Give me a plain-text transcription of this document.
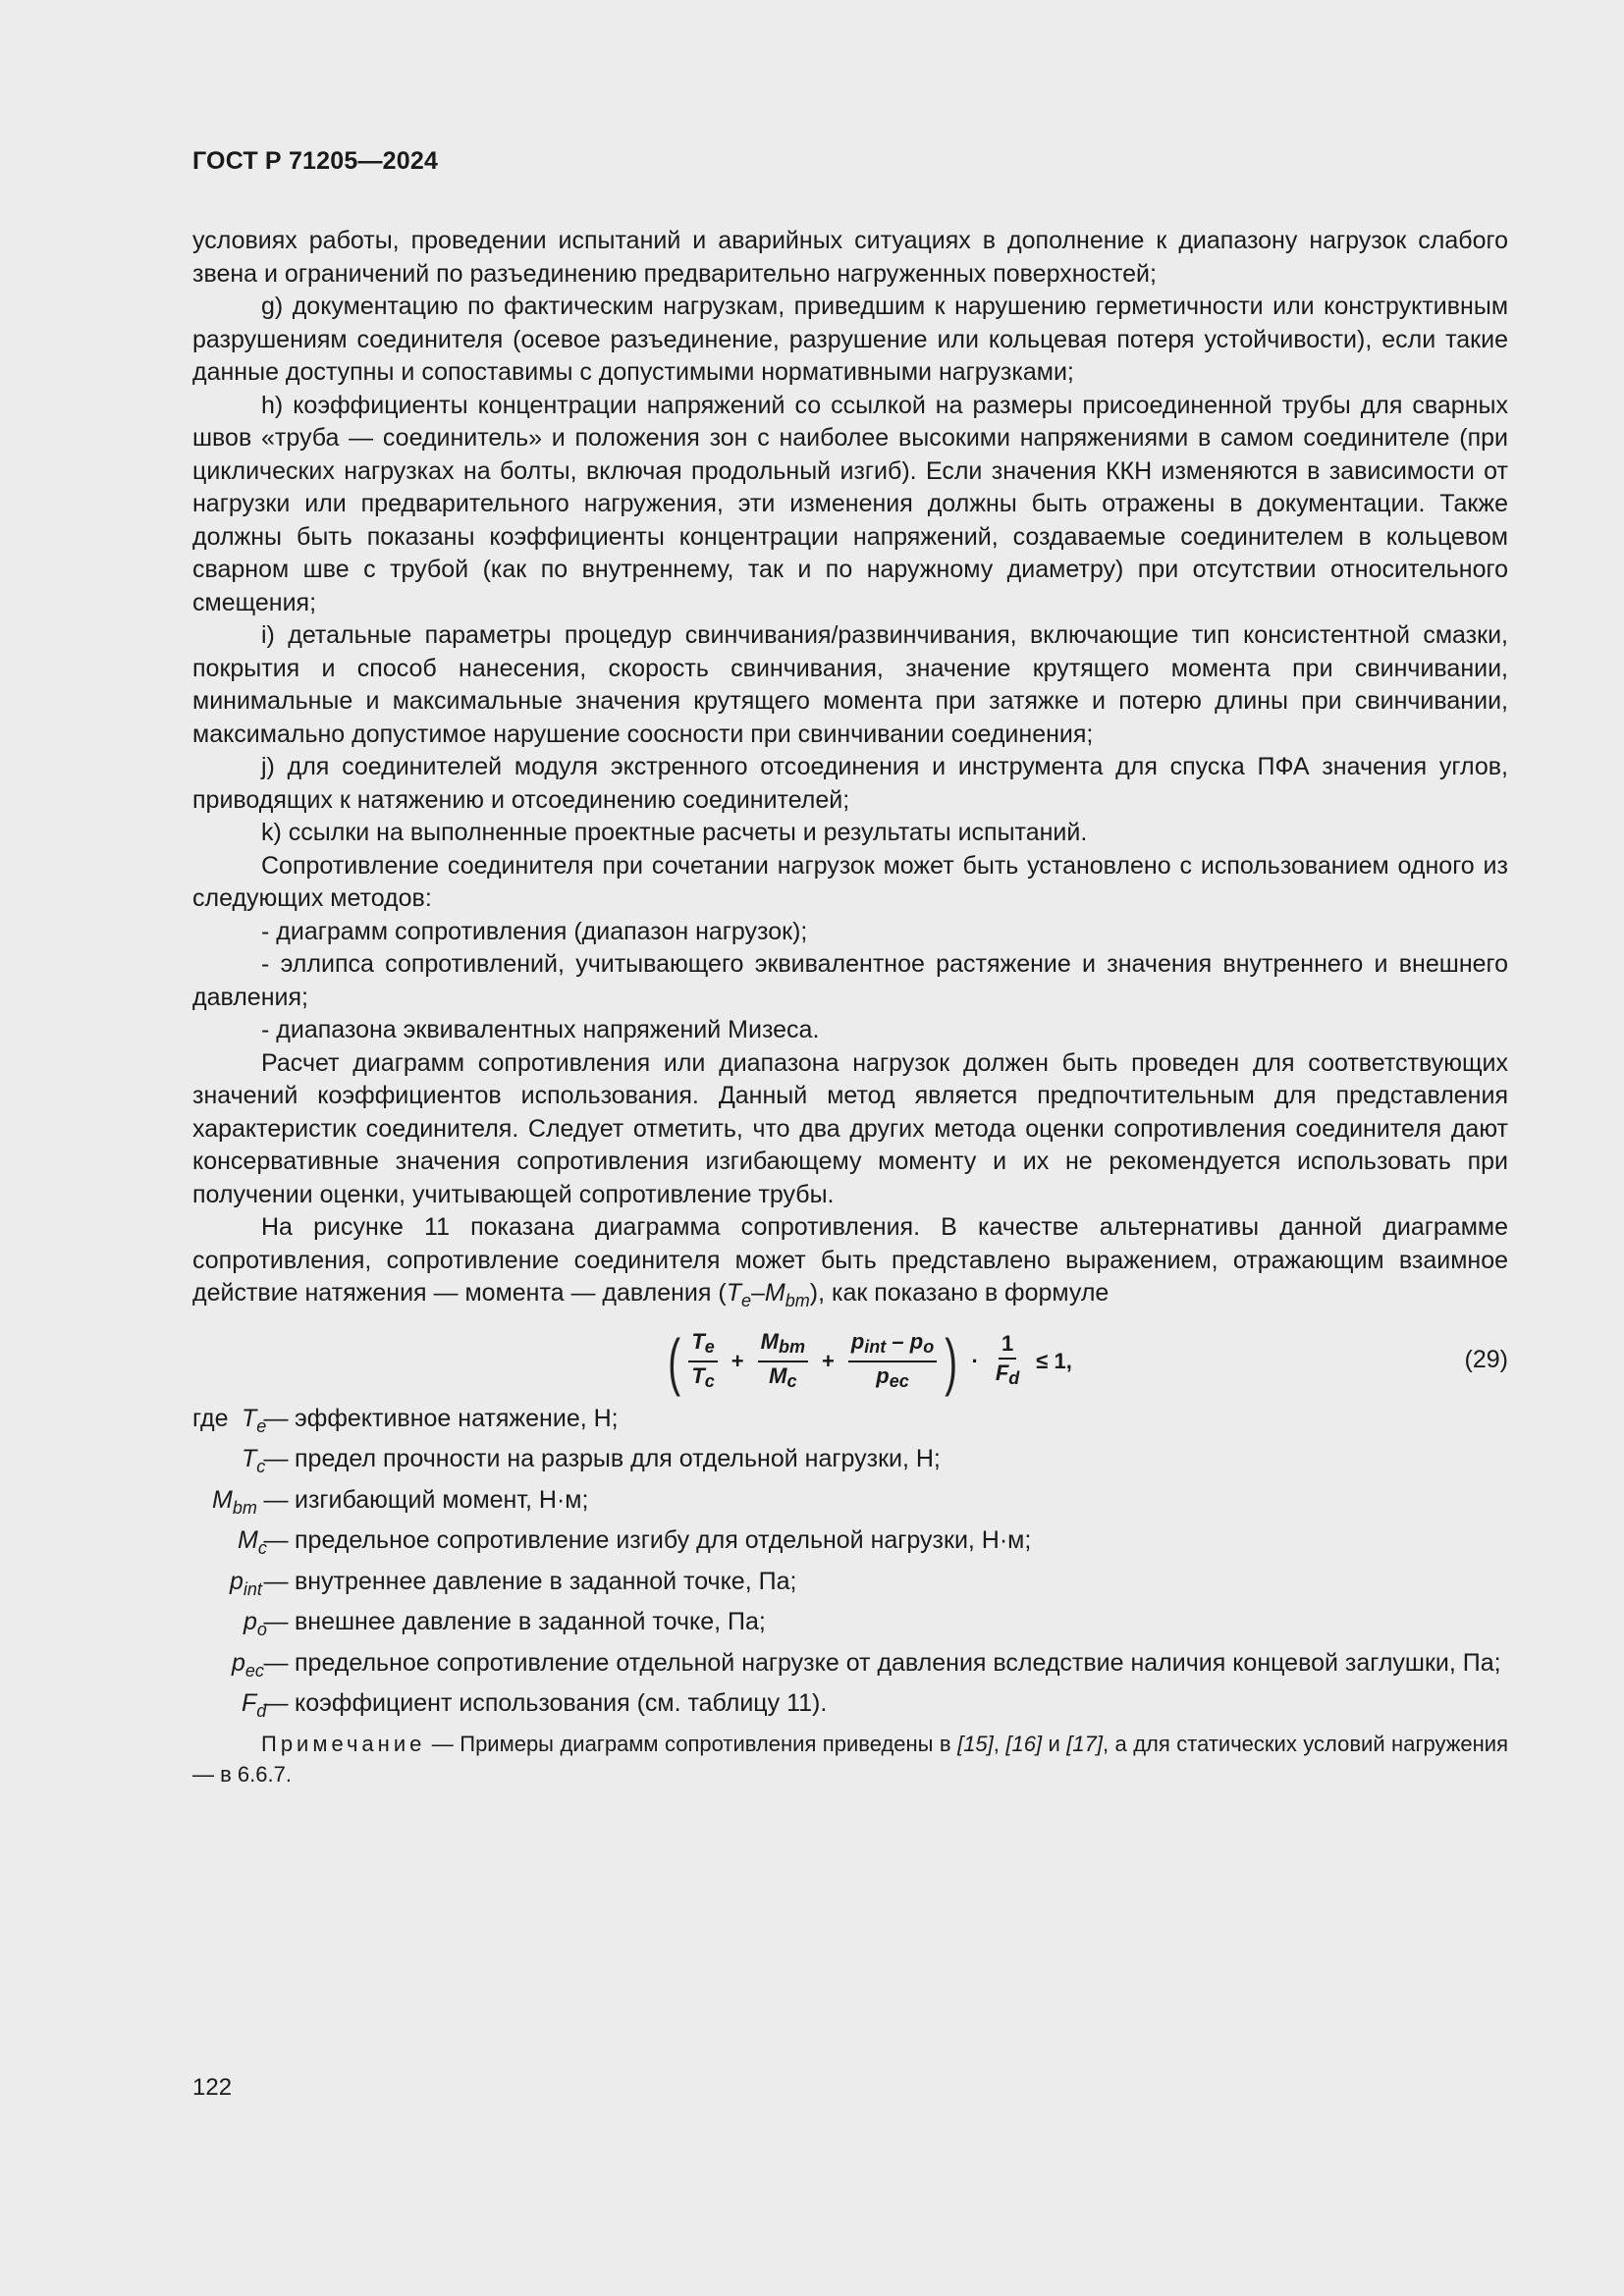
ГОСТ Р 71205—2024

условиях работы, проведении испытаний и аварийных ситуациях в дополнение к диапазону нагрузок слабого звена и ограничений по разъединению предварительно нагруженных поверхностей;

g) документацию по фактическим нагрузкам, приведшим к нарушению герметичности или конструктивным разрушениям соединителя (осевое разъединение, разрушение или кольцевая потеря устойчивости), если такие данные доступны и сопоставимы с допустимыми нормативными нагрузками;

h) коэффициенты концентрации напряжений со ссылкой на размеры присоединенной трубы для сварных швов «труба — соединитель» и положения зон с наиболее высокими напряжениями в самом соединителе (при циклических нагрузках на болты, включая продольный изгиб). Если значения ККН изменяются в зависимости от нагрузки или предварительного нагружения, эти изменения должны быть отражены в документации. Также должны быть показаны коэффициенты концентрации напряжений, создаваемые соединителем в кольцевом сварном шве с трубой (как по внутреннему, так и по наружному диаметру) при отсутствии относительного смещения;

i) детальные параметры процедур свинчивания/развинчивания, включающие тип консистентной смазки, покрытия и способ нанесения, скорость свинчивания, значение крутящего момента при свинчивании, минимальные и максимальные значения крутящего момента при затяжке и потерю длины при свинчивании, максимально допустимое нарушение соосности при свинчивании соединения;

j) для соединителей модуля экстренного отсоединения и инструмента для спуска ПФА значения углов, приводящих к натяжению и отсоединению соединителей;

k) ссылки на выполненные проектные расчеты и результаты испытаний.

Сопротивление соединителя при сочетании нагрузок может быть установлено с использованием одного из следующих методов:

- диаграмм сопротивления (диапазон нагрузок);

- эллипса сопротивлений, учитывающего эквивалентное растяжение и значения внутреннего и внешнего давления;

- диапазона эквивалентных напряжений Мизеса.

Расчет диаграмм сопротивления или диапазона нагрузок должен быть проведен для соответствующих значений коэффициентов использования. Данный метод является предпочтительным для представления характеристик соединителя. Следует отметить, что два других метода оценки сопротивления соединителя дают консервативные значения сопротивления изгибающему моменту и их не рекомендуется использовать при получении оценки, учитывающей сопротивление трубы.

На рисунке 11 показана диаграмма сопротивления. В качестве альтернативы данной диаграмме сопротивления, сопротивление соединителя может быть представлено выражением, отражающим взаимное действие натяжения — момента — давления $(T_e-M_{bm})$, как показано в формуле

( $\frac{T_e}{T_c} + \frac{M_{bm}}{M_c} + \frac{p_{int} - p_o}{p_{ec}}$ ) · $\frac{1}{F_d} \le 1$,	(29)
где $T_e$
— эффективное натяжение, Н;
$T_c$
— предел прочности на разрыв для отдельной нагрузки, Н;
$M_{bm}$ — изгибающий момент, Н·м;
$M_c$
— предельное сопротивление изгибу для отдельной нагрузки, Н·м;
$p_{int}$ — внутреннее давление в заданной точке, Па;
$p_o$
— внешнее давление в заданной точке, Па;
$p_{ec}$ — предельное сопротивление отдельной нагрузке от давления вследствие наличия концевой заглушки, Па;
$F_d$
— коэффициент использования (см. таблицу 11).

Примечание — Примеры диаграмм сопротивления приведены в [15], [16] и [17], а для статических условий нагружения — в 6.6.7.

122
